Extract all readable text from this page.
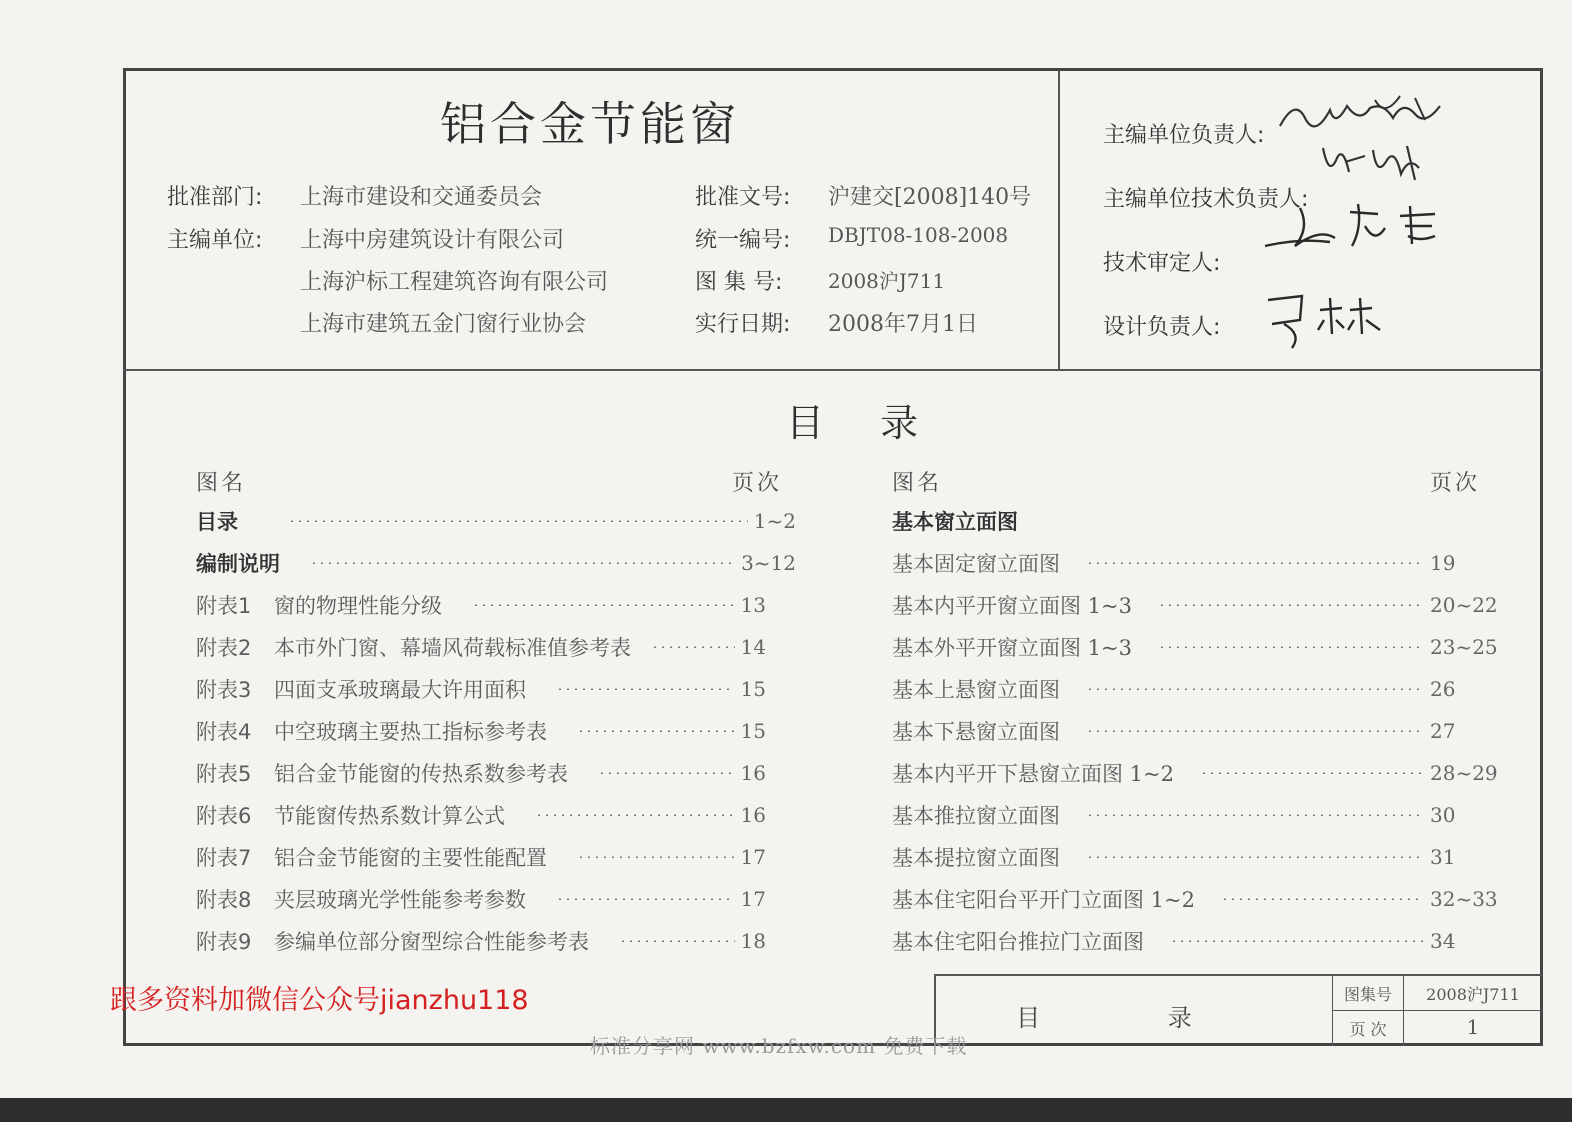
铝合金节能窗
批准部门: 上海市建设和交通委员会
主编单位: 上海中房建筑设计有限公司
上海沪标工程建筑咨询有限公司
上海市建筑五金门窗行业协会
批准文号: 沪建交[2008]140号
统一编号: DBJT08-108-2008
图 集 号: 2008沪J711
实行日期: 2008年7月1日
主编单位负责人:
主编单位技术负责人:
技术审定人:
设计负责人:
目 录
图名	页次	图名	页次
目录	1~2
编制说明	3~12
附表1	窗的物理性能分级	13
附表2	本市外门窗、幕墙风荷载标准值参考表	14
附表3	四面支承玻璃最大许用面积	15
附表4	中空玻璃主要热工指标参考表	15
附表5	铝合金节能窗的传热系数参考表	16
附表6	节能窗传热系数计算公式	16
附表7	铝合金节能窗的主要性能配置	17
附表8	夹层玻璃光学性能参考参数	17
附表9	参编单位部分窗型综合性能参考表	18
基本窗立面图
基本固定窗立面图	19
基本内平开窗立面图 1~3	20~22
基本外平开窗立面图 1~3	23~25
基本上悬窗立面图	26
基本下悬窗立面图	27
基本内平开下悬窗立面图 1~2	28~29
基本推拉窗立面图	30
基本提拉窗立面图	31
基本住宅阳台平开门立面图 1~2	32~33
基本住宅阳台推拉门立面图	34
目 录
图集号	2008沪J711
页 次	1
跟多资料加微信公众号jianzhu118
标准分享网 www.bzfxw.com 免费下载
